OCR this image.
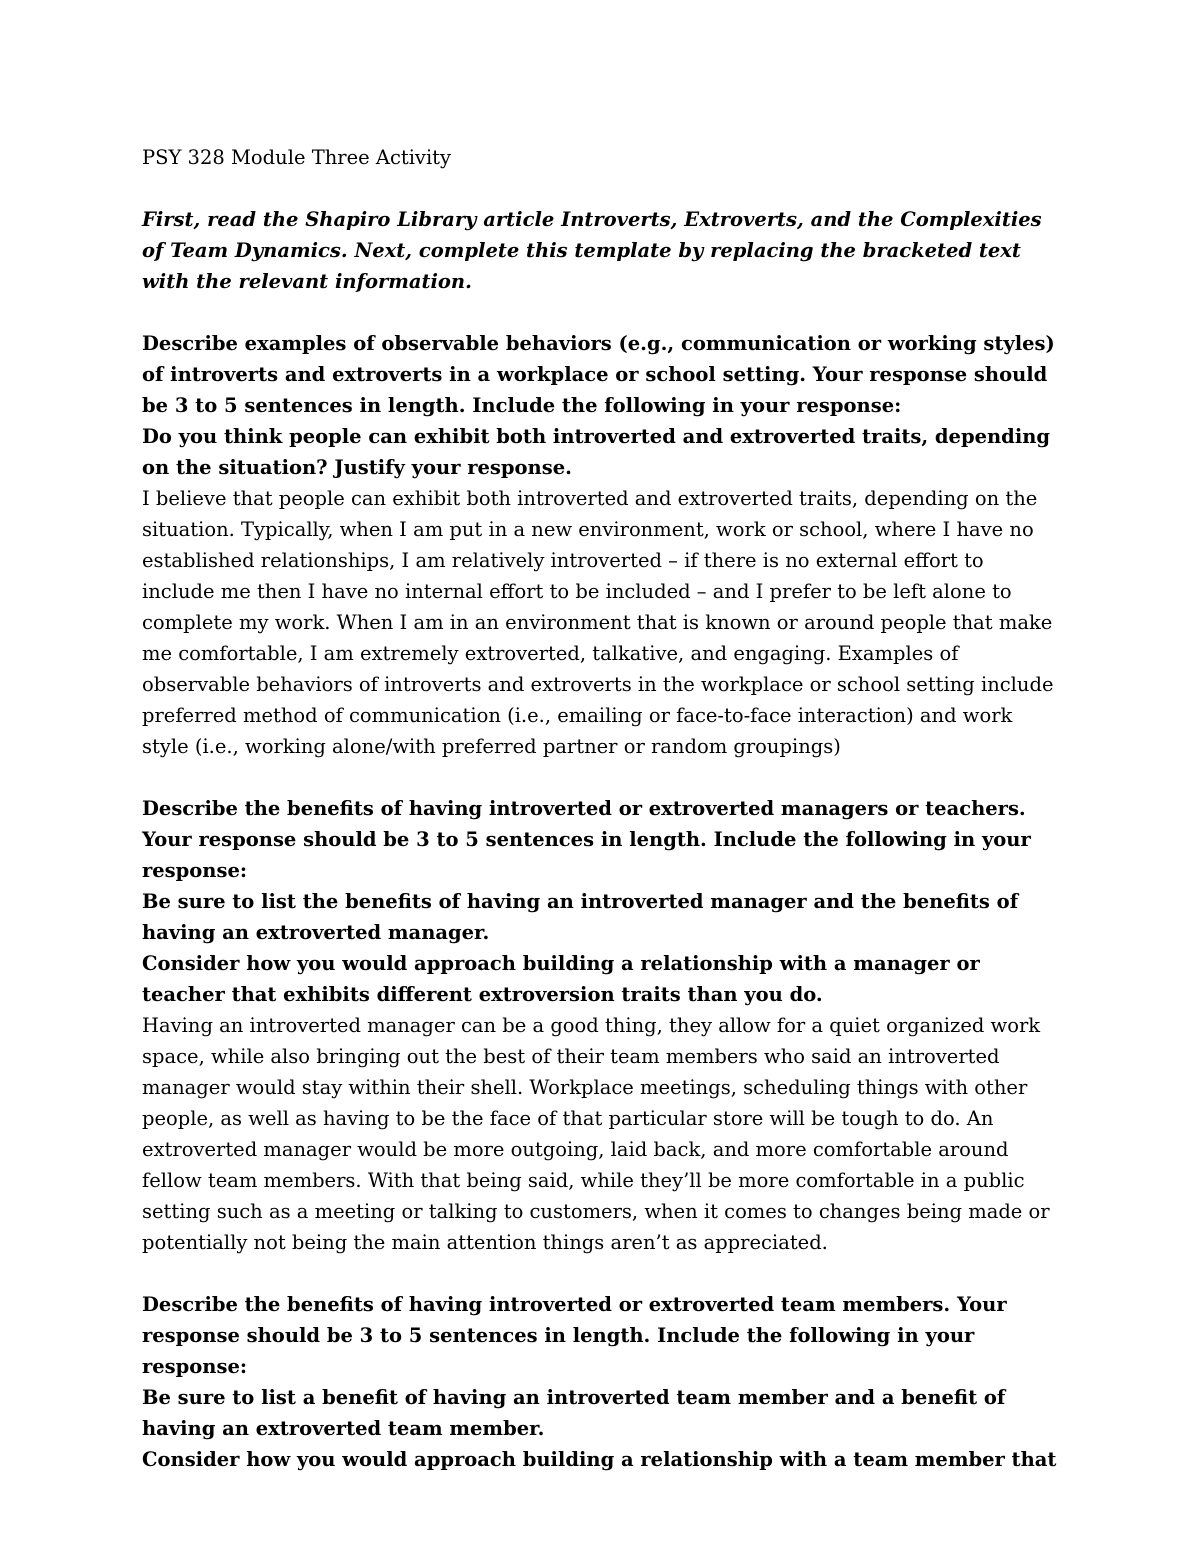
PSY 328 Module Three Activity

First, read the Shapiro Library article Introverts, Extroverts, and the Complexities of Team Dynamics. Next, complete this template by replacing the bracketed text with the relevant information.

Describe examples of observable behaviors (e.g., communication or working styles) of introverts and extroverts in a workplace or school setting. Your response should be 3 to 5 sentences in length. Include the following in your response:

Do you think people can exhibit both introverted and extroverted traits, depending on the situation? Justify your response.

I believe that people can exhibit both introverted and extroverted traits, depending on the situation. Typically, when I am put in a new environment, work or school, where I have no established relationships, I am relatively introverted – if there is no external effort to include me then I have no internal effort to be included – and I prefer to be left alone to complete my work. When I am in an environment that is known or around people that make me comfortable, I am extremely extroverted, talkative, and engaging. Examples of observable behaviors of introverts and extroverts in the workplace or school setting include preferred method of communication (i.e., emailing or face-to-face interaction) and work style (i.e., working alone/with preferred partner or random groupings)

Describe the benefits of having introverted or extroverted managers or teachers. Your response should be 3 to 5 sentences in length. Include the following in your response:

Be sure to list the benefits of having an introverted manager and the benefits of having an extroverted manager.

Consider how you would approach building a relationship with a manager or teacher that exhibits different extroversion traits than you do.

Having an introverted manager can be a good thing, they allow for a quiet organized work space, while also bringing out the best of their team members who said an introverted manager would stay within their shell. Workplace meetings, scheduling things with other people, as well as having to be the face of that particular store will be tough to do. An extroverted manager would be more outgoing, laid back, and more comfortable around fellow team members. With that being said, while they’ll be more comfortable in a public setting such as a meeting or talking to customers, when it comes to changes being made or potentially not being the main attention things aren’t as appreciated.

Describe the benefits of having introverted or extroverted team members. Your response should be 3 to 5 sentences in length. Include the following in your response:

Be sure to list a benefit of having an introverted team member and a benefit of having an extroverted team member.

Consider how you would approach building a relationship with a team member that
